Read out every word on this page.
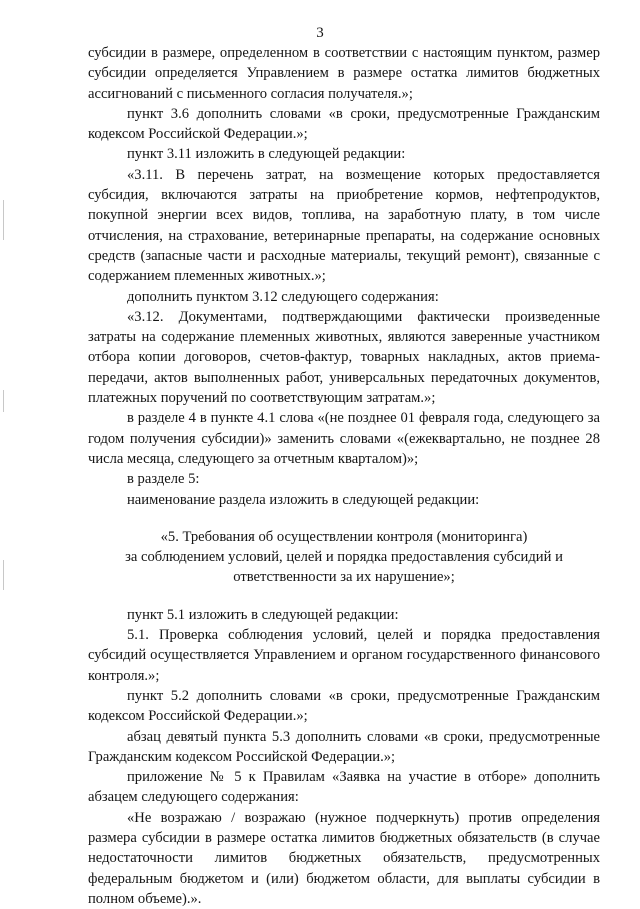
3

субсидии в размере, определенном в соответствии с настоящим пунктом, размер субсидии определяется Управлением в размере остатка лимитов бюджетных ассигнований с письменного согласия получателя.»;

пункт 3.6 дополнить словами «в сроки, предусмотренные Гражданским кодексом Российской Федерации.»;

пункт 3.11 изложить в следующей редакции:

«3.11. В перечень затрат, на возмещение которых предоставляется субсидия, включаются затраты на приобретение кормов, нефтепродуктов, покупной энергии всех видов, топлива, на заработную плату, в том числе отчисления, на страхование, ветеринарные препараты, на содержание основных средств (запасные части и расходные материалы, текущий ремонт), связанные с содержанием племенных животных.»;

дополнить пунктом 3.12 следующего содержания:

«3.12. Документами, подтверждающими фактически произведенные затраты на содержание племенных животных, являются заверенные участником отбора копии договоров, счетов-фактур, товарных накладных, актов приема-передачи, актов выполненных работ, универсальных передаточных документов, платежных поручений по соответствующим затратам.»;

в разделе 4 в пункте 4.1 слова «(не позднее 01 февраля года, следующего за годом получения субсидии)» заменить словами «(ежеквартально, не позднее 28 числа месяца, следующего за отчетным кварталом)»;

в разделе 5:

наименование раздела изложить в следующей редакции:

«5. Требования об осуществлении контроля (мониторинга)
за соблюдением условий, целей и порядка предоставления субсидий и
ответственности за их нарушение»;

пункт 5.1 изложить в следующей редакции:

5.1. Проверка соблюдения условий, целей и порядка предоставления субсидий осуществляется Управлением и органом государственного финансового контроля.»;

пункт 5.2 дополнить словами «в сроки, предусмотренные Гражданским кодексом Российской Федерации.»;

абзац девятый пункта 5.3 дополнить словами «в сроки, предусмотренные Гражданским кодексом Российской Федерации.»;

приложение № 5 к Правилам «Заявка на участие в отборе» дополнить абзацем следующего содержания:

«Не возражаю / возражаю (нужное подчеркнуть) против определения размера субсидии в размере остатка лимитов бюджетных обязательств (в случае недостаточности лимитов бюджетных обязательств, предусмотренных федеральным бюджетом и (или) бюджетом области, для выплаты субсидии в полном объеме).».
